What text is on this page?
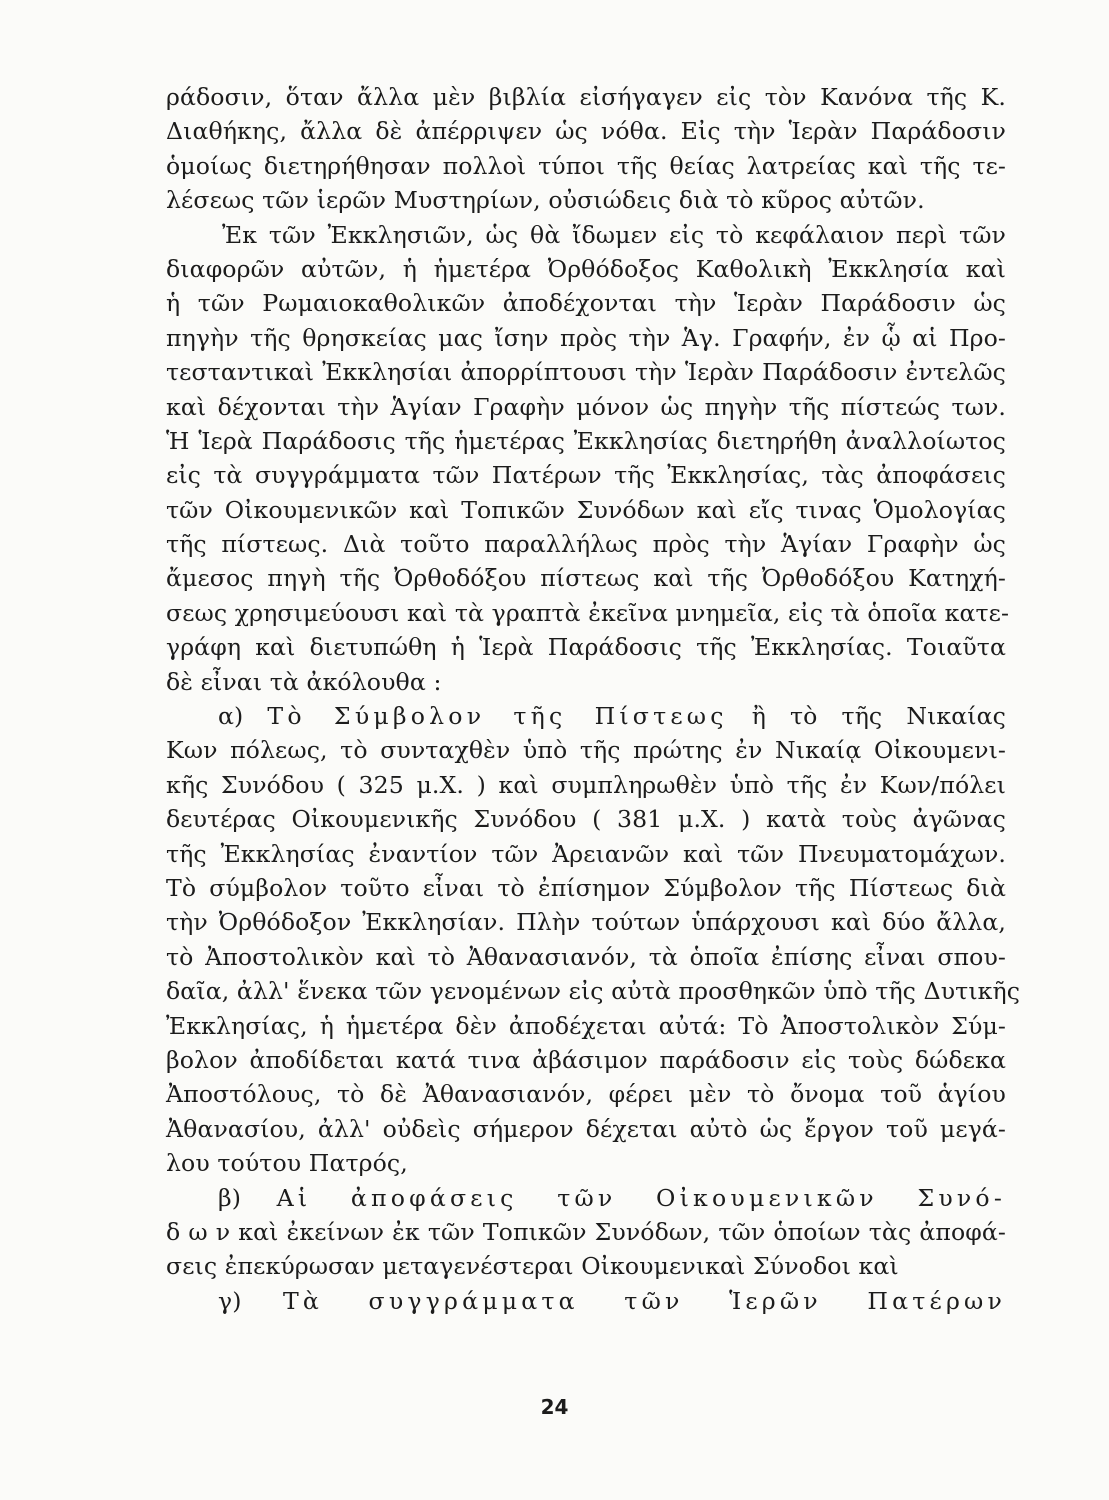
ράδοσιν, ὅταν ἄλλα μὲν βιβλία εἰσήγαγεν εἰς τὸν Κανόνα τῆς Κ.
Διαθήκης, ἄλλα δὲ ἀπέρριψεν ὡς νόθα. Εἰς τὴν Ἱερὰν Παράδοσιν
ὁμοίως διετηρήθησαν πολλοὶ τύποι τῆς θείας λατρείας καὶ τῆς τε-
λέσεως τῶν ἱερῶν Μυστηρίων, οὐσιώδεις διὰ τὸ κῦρος αὐτῶν.
Ἐκ τῶν Ἐκκλησιῶν, ὡς θὰ ἴδωμεν εἰς τὸ κεφάλαιον περὶ τῶν
διαφορῶν αὐτῶν, ἡ ἡμετέρα Ὀρθόδοξος Καθολικὴ Ἐκκλησία καὶ
ἡ τῶν Ρωμαιοκαθολικῶν ἀποδέχονται τὴν Ἱερὰν Παράδοσιν ὡς
πηγὴν τῆς θρησκείας μας ἴσην πρὸς τὴν Ἁγ. Γραφήν, ἐν ᾧ αἱ Προ-
τεσταντικαὶ Ἐκκλησίαι ἀπορρίπτουσι τὴν Ἱερὰν Παράδοσιν ἐντελῶς
καὶ δέχονται τὴν Ἁγίαν Γραφὴν μόνον ὡς πηγὴν τῆς πίστεώς των.
Ἡ Ἱερὰ Παράδοσις τῆς ἡμετέρας Ἐκκλησίας διετηρήθη ἀναλλοίωτος
εἰς τὰ συγγράμματα τῶν Πατέρων τῆς Ἐκκλησίας, τὰς ἀποφάσεις
τῶν Οἰκουμενικῶν καὶ Τοπικῶν Συνόδων καὶ εἴς τινας Ὁμολογίας
τῆς πίστεως. Διὰ τοῦτο παραλλήλως πρὸς τὴν Ἁγίαν Γραφὴν ὡς
ἄμεσος πηγὴ τῆς Ὀρθοδόξου πίστεως καὶ τῆς Ὀρθοδόξου Κατηχή-
σεως χρησιμεύουσι καὶ τὰ γραπτὰ ἐκεῖνα μνημεῖα, εἰς τὰ ὁποῖα κατε-
γράφη καὶ διετυπώθη ἡ Ἱερὰ Παράδοσις τῆς Ἐκκλησίας. Τοιαῦτα
δὲ εἶναι τὰ ἀκόλουθα :
α) Τὸ Σύμβολον τῆς Πίστεως ἢ τὸ τῆς Νικαίας
Κων πόλεως, τὸ συνταχθὲν ὑπὸ τῆς πρώτης ἐν Νικαίᾳ Οἰκουμενι-
κῆς Συνόδου ( 325 μ.Χ. ) καὶ συμπληρωθὲν ὑπὸ τῆς ἐν Κων/πόλει
δευτέρας Οἰκουμενικῆς Συνόδου ( 381 μ.Χ. ) κατὰ τοὺς ἀγῶνας
τῆς Ἐκκλησίας ἐναντίον τῶν Ἀρειανῶν καὶ τῶν Πνευματομάχων.
Τὸ σύμβολον τοῦτο εἶναι τὸ ἐπίσημον Σύμβολον τῆς Πίστεως διὰ
τὴν Ὀρθόδοξον Ἐκκλησίαν. Πλὴν τούτων ὑπάρχουσι καὶ δύο ἄλλα,
τὸ Ἀποστολικὸν καὶ τὸ Ἀθανασιανόν, τὰ ὁποῖα ἐπίσης εἶναι σπου-
δαῖα, ἀλλ' ἕνεκα τῶν γενομένων εἰς αὐτὰ προσθηκῶν ὑπὸ τῆς Δυτικῆς
Ἐκκλησίας, ἡ ἡμετέρα δὲν ἀποδέχεται αὐτά: Τὸ Ἀποστολικὸν Σύμ-
βολον ἀποδίδεται κατά τινα ἀβάσιμον παράδοσιν εἰς τοὺς δώδεκα
Ἀποστόλους, τὸ δὲ Ἀθανασιανόν, φέρει μὲν τὸ ὄνομα τοῦ ἁγίου
Ἀθανασίου, ἀλλ' οὐδεὶς σήμερον δέχεται αὐτὸ ὡς ἔργον τοῦ μεγά-
λου τούτου Πατρός,
β) Αἱ ἀποφάσεις τῶν Οἰκουμενικῶν Συνό-
δ ω ν καὶ ἐκείνων ἐκ τῶν Τοπικῶν Συνόδων, τῶν ὁποίων τὰς ἀποφά-
σεις ἐπεκύρωσαν μεταγενέστεραι Οἰκουμενικαὶ Σύνοδοι καὶ
γ) Τὰ συγγράμματα τῶν Ἱερῶν Πατέρων
24
